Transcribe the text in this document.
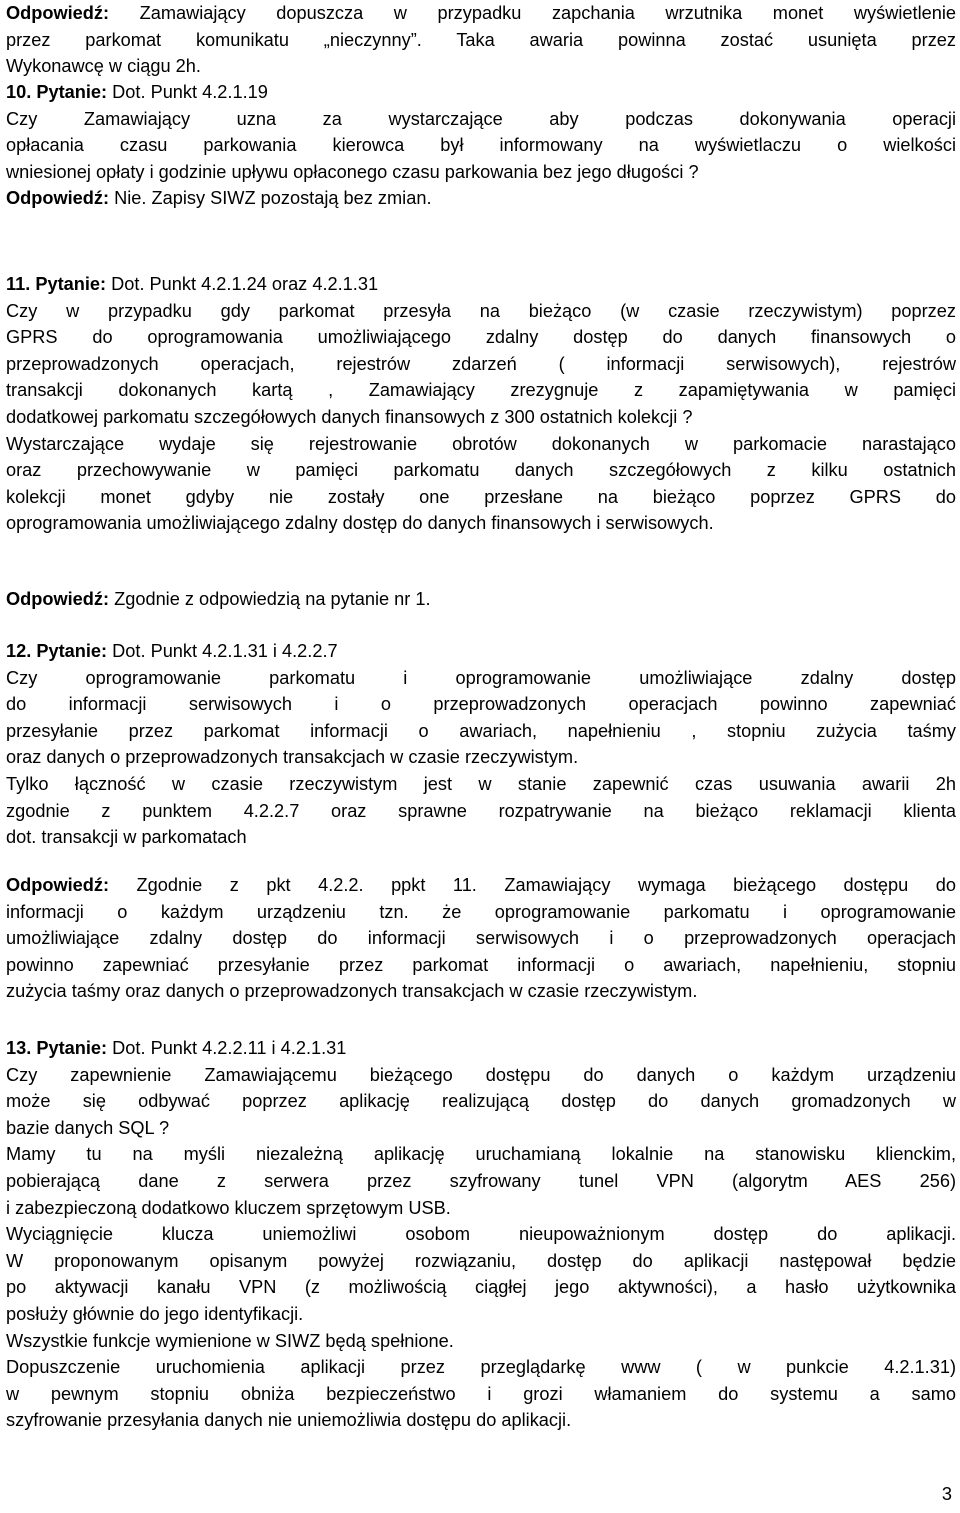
Odpowiedź: Zamawiający dopuszcza w przypadku zapchania wrzutnika monet wyświetlenie
przez parkomat komunikatu „nieczynny”. Taka awaria powinna zostać usunięta przez
Wykonawcę w ciągu 2h.
10. Pytanie: Dot. Punkt 4.2.1.19
Czy Zamawiający uzna za wystarczające aby podczas dokonywania operacji
opłacania czasu parkowania kierowca był informowany na wyświetlaczu o wielkości
wniesionej opłaty i godzinie upływu opłaconego czasu parkowania bez jego długości ?
Odpowiedź: Nie. Zapisy SIWZ pozostają bez zmian.
11. Pytanie: Dot. Punkt 4.2.1.24 oraz 4.2.1.31
Czy w przypadku gdy parkomat przesyła na bieżąco (w czasie rzeczywistym) poprzez
GPRS do oprogramowania umożliwiającego zdalny dostęp do danych finansowych o
przeprowadzonych operacjach, rejestrów zdarzeń ( informacji serwisowych), rejestrów
transakcji dokonanych kartą , Zamawiający zrezygnuje z zapamiętywania w pamięci
dodatkowej parkomatu szczegółowych danych finansowych z 300 ostatnich kolekcji ?
Wystarczające wydaje się rejestrowanie obrotów dokonanych w parkomacie narastająco
oraz przechowywanie w pamięci parkomatu danych szczegółowych z kilku ostatnich
kolekcji monet gdyby nie zostały one przesłane na bieżąco poprzez GPRS do
oprogramowania umożliwiającego zdalny dostęp do danych finansowych i serwisowych.
Odpowiedź: Zgodnie z odpowiedzią na pytanie nr 1.
12. Pytanie: Dot. Punkt 4.2.1.31 i 4.2.2.7
Czy oprogramowanie parkomatu i oprogramowanie umożliwiające zdalny dostęp
do informacji serwisowych i o przeprowadzonych operacjach powinno zapewniać
przesyłanie przez parkomat informacji o awariach, napełnieniu , stopniu zużycia taśmy
oraz danych o przeprowadzonych transakcjach w czasie rzeczywistym.
Tylko łączność w czasie rzeczywistym jest w stanie zapewnić czas usuwania awarii 2h
zgodnie z punktem 4.2.2.7 oraz sprawne rozpatrywanie na bieżąco reklamacji klienta
dot. transakcji w parkomatach
Odpowiedź: Zgodnie z pkt 4.2.2. ppkt 11. Zamawiający wymaga bieżącego dostępu do
informacji o każdym urządzeniu tzn. że oprogramowanie parkomatu i oprogramowanie
umożliwiające zdalny dostęp do informacji serwisowych i o przeprowadzonych operacjach
powinno zapewniać przesyłanie przez parkomat informacji o awariach, napełnieniu, stopniu
zużycia taśmy oraz danych o przeprowadzonych transakcjach w czasie rzeczywistym.
13. Pytanie: Dot. Punkt 4.2.2.11 i 4.2.1.31
Czy zapewnienie Zamawiającemu bieżącego dostępu do danych o każdym urządzeniu
może się odbywać poprzez aplikację realizującą dostęp do danych gromadzonych w
bazie danych SQL ?
Mamy tu na myśli niezależną aplikację uruchamianą lokalnie na stanowisku klienckim,
pobierającą dane z serwera przez szyfrowany tunel VPN (algorytm AES 256)
i zabezpieczoną dodatkowo kluczem sprzętowym USB.
Wyciągnięcie klucza uniemożliwi osobom nieupoważnionym dostęp do aplikacji.
W proponowanym opisanym powyżej rozwiązaniu, dostęp do aplikacji następował będzie
po aktywacji kanału VPN (z możliwością ciągłej jego aktywności), a hasło użytkownika
posłuży głównie do jego identyfikacji.
Wszystkie funkcje wymienione w SIWZ będą spełnione.
Dopuszczenie uruchomienia aplikacji przez przeglądarkę www ( w punkcie 4.2.1.31)
w pewnym stopniu obniża bezpieczeństwo i grozi włamaniem do systemu a samo
szyfrowanie przesyłania danych nie uniemożliwia dostępu do aplikacji.
3
